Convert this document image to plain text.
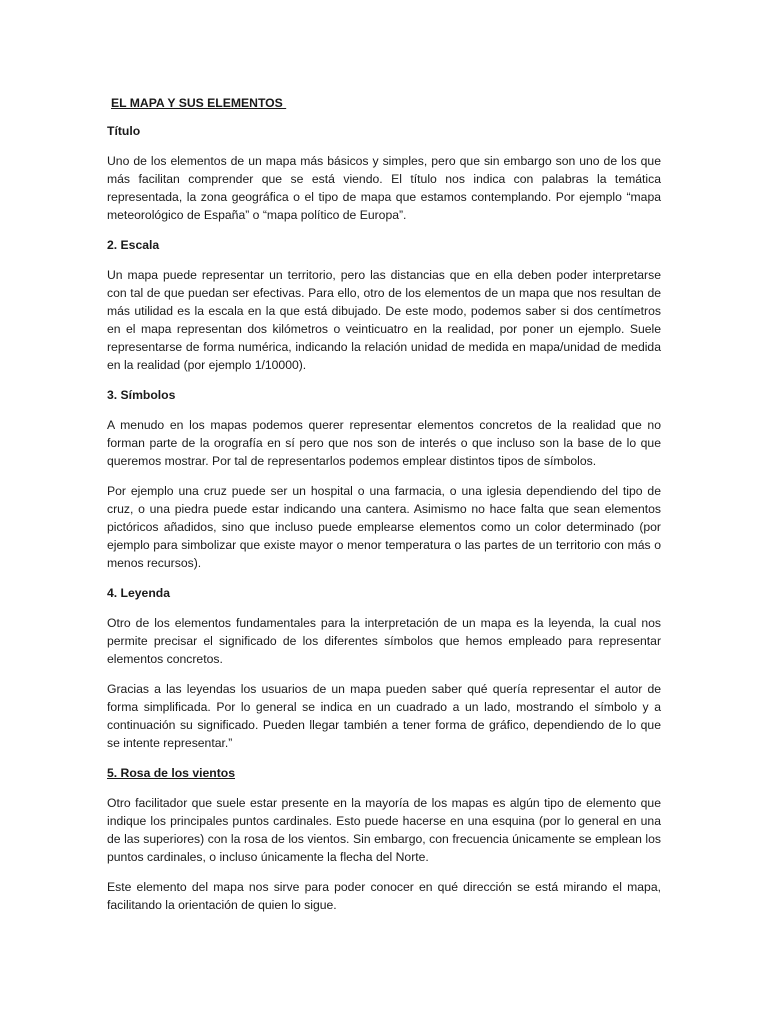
EL MAPA Y SUS ELEMENTOS
Título

Uno de los elementos de un mapa más básicos y simples, pero que sin embargo son uno de los que más facilitan comprender que se está viendo. El título nos indica con palabras la temática representada, la zona geográfica o el tipo de mapa que estamos contemplando. Por ejemplo “mapa meteorológico de España” o “mapa político de Europa”.

2. Escala

Un mapa puede representar un territorio, pero las distancias que en ella deben poder interpretarse con tal de que puedan ser efectivas. Para ello, otro de los elementos de un mapa que nos resultan de más utilidad es la escala en la que está dibujado. De este modo, podemos saber si dos centímetros en el mapa representan dos kilómetros o veinticuatro en la realidad, por poner un ejemplo. Suele representarse de forma numérica, indicando la relación unidad de medida en mapa/unidad de medida en la realidad (por ejemplo 1/10000).

3. Símbolos

A menudo en los mapas podemos querer representar elementos concretos de la realidad que no forman parte de la orografía en sí pero que nos son de interés o que incluso son la base de lo que queremos mostrar. Por tal de representarlos podemos emplear distintos tipos de símbolos.

Por ejemplo una cruz puede ser un hospital o una farmacia, o una iglesia dependiendo del tipo de cruz, o una piedra puede estar indicando una cantera. Asimismo no hace falta que sean elementos pictóricos añadidos, sino que incluso puede emplearse elementos como un color determinado (por ejemplo para simbolizar que existe mayor o menor temperatura o las partes de un territorio con más o menos recursos).

4. Leyenda

Otro de los elementos fundamentales para la interpretación de un mapa es la leyenda, la cual nos permite precisar el significado de los diferentes símbolos que hemos empleado para representar elementos concretos.

Gracias a las leyendas los usuarios de un mapa pueden saber qué quería representar el autor de forma simplificada. Por lo general se indica en un cuadrado a un lado, mostrando el símbolo y a continuación su significado. Pueden llegar también a tener forma de gráfico, dependiendo de lo que se intente representar.”

5. Rosa de los vientos

Otro facilitador que suele estar presente en la mayoría de los mapas es algún tipo de elemento que indique los principales puntos cardinales. Esto puede hacerse en una esquina (por lo general en una de las superiores) con la rosa de los vientos. Sin embargo, con frecuencia únicamente se emplean los puntos cardinales, o incluso únicamente la flecha del Norte.

Este elemento del mapa nos sirve para poder conocer en qué dirección se está mirando el mapa, facilitando la orientación de quien lo sigue.
